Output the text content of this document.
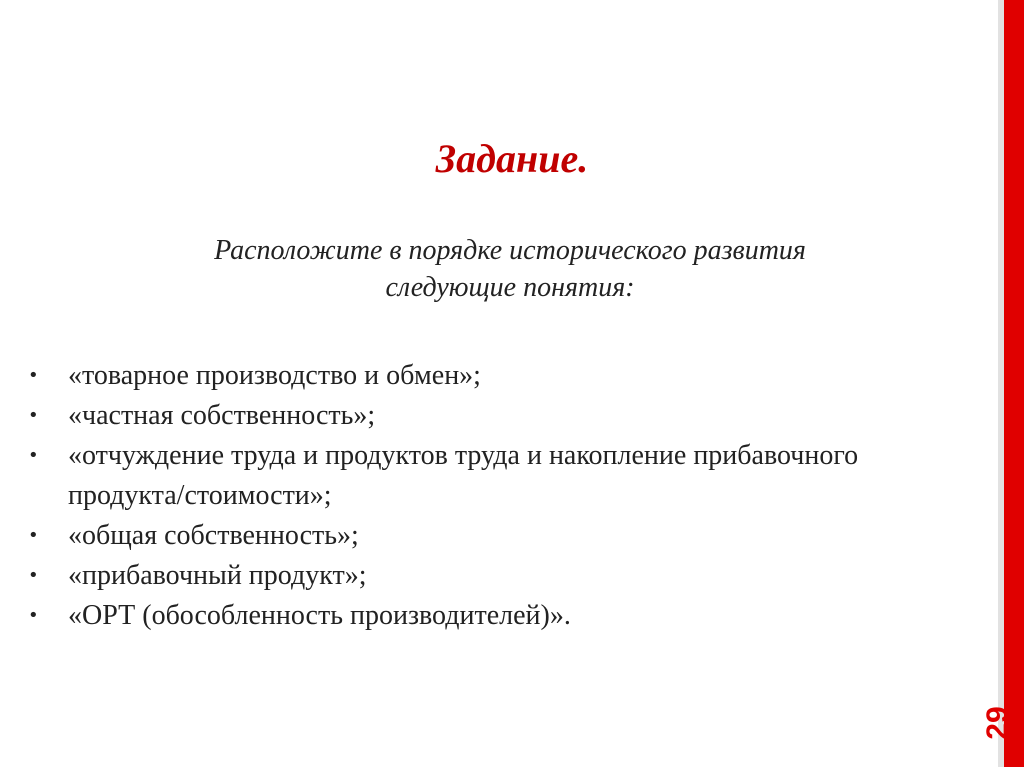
Задание.
Расположите в порядке исторического развития
следующие понятия:
• «товарное производство и обмен»;
• «частная собственность»;
• «отчуждение труда и продуктов труда и накопление прибавочного продукта/стоимости»;
• «общая собственность»;
• «прибавочный продукт»;
• «ОРТ (обособленность производителей)».
29
